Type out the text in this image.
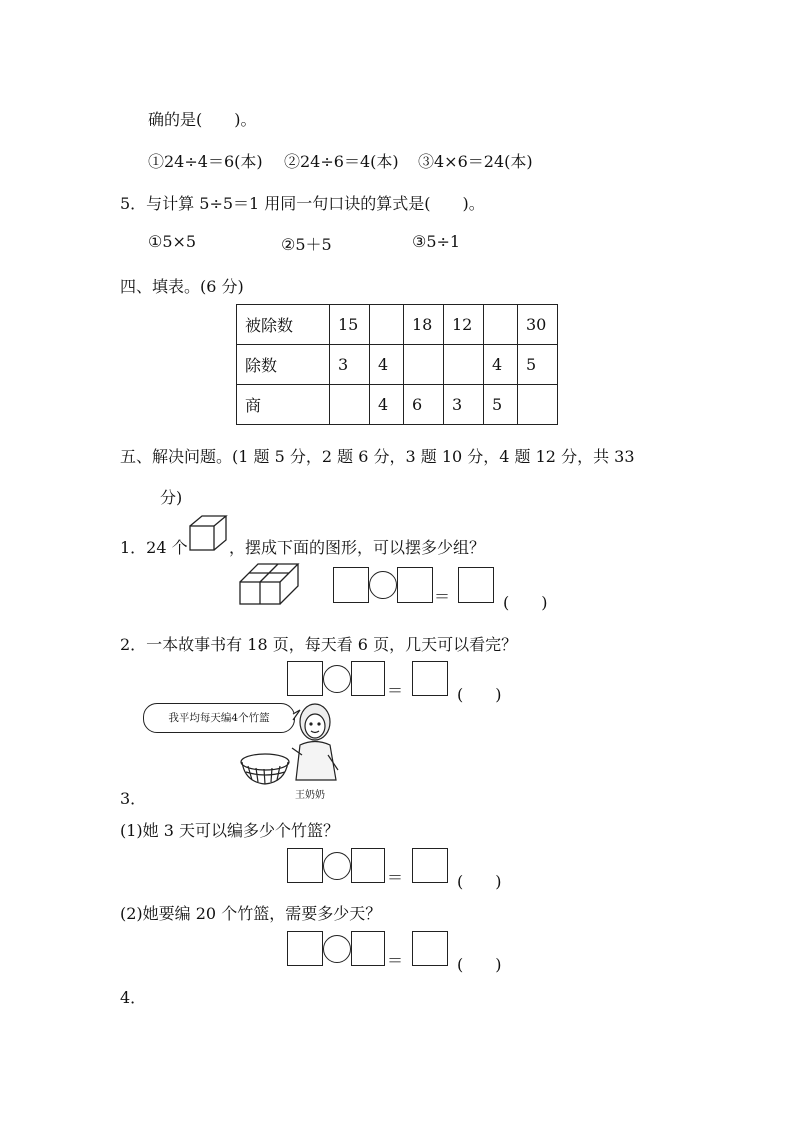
确的是(　　)。
①24÷4＝6(本) ②24÷6＝4(本) ③4×6＝24(本)
5．与计算 5÷5＝1 用同一句口诀的算式是(　　)。
①5×5	②5＋5	③5÷1
四、填表。(6 分)
被除数	15		18	12		30
除数	3	4			4	5
商		4	6	3	5	
五、解决问题。(1 题 5 分，2 题 6 分，3 题 10 分，4 题 12 分，共 33
分)
1．24 个	，摆成下面的图形，可以摆多少组？
＝	(　　)
2．一本故事书有 18 页，每天看 6 页，几天可以看完？
＝	(　　)
我平均每天编4个竹篮
王奶奶
3．
(1)她 3 天可以编多少个竹篮？
＝	(　　)
(2)她要编 20 个竹篮，需要多少天？
＝	(　　)
4．
